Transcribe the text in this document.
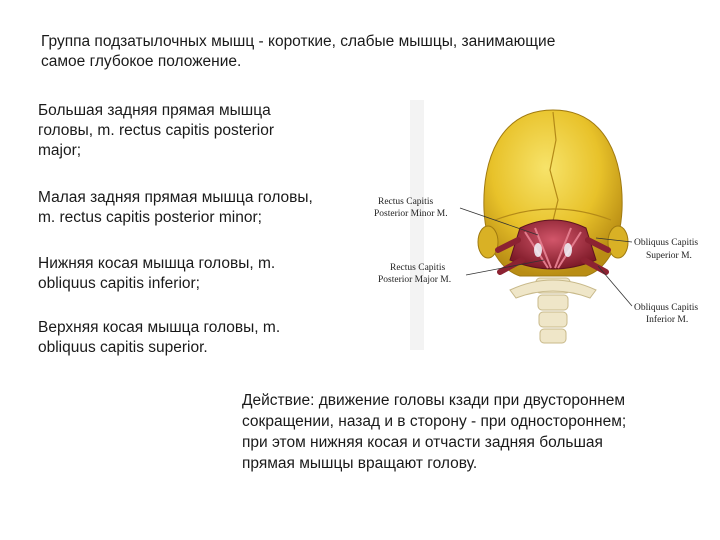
Группа подзатылочных мышц - короткие, слабые мышцы, занимающие
самое глубокое положение.

Большая задняя прямая мышца
головы, m. rectus capitis posterior
major;

Малая задняя прямая мышца головы,
m. rectus capitis posterior minor;

Нижняя косая мышца головы, m.
obliquus capitis inferior;

Верхняя косая мышца головы, m.
obliquus capitis superior.

Действие: движение головы кзади при двустороннем
сокращении, назад и в сторону - при одностороннем;
при этом нижняя косая и отчасти задняя большая
прямая мышцы вращают голову.

Rectus Capitis
Posterior Minor M.
Rectus Capitis
Posterior Major M.
Obliquus Capitis
Superior M.
Obliquus Capitis
Inferior M.
